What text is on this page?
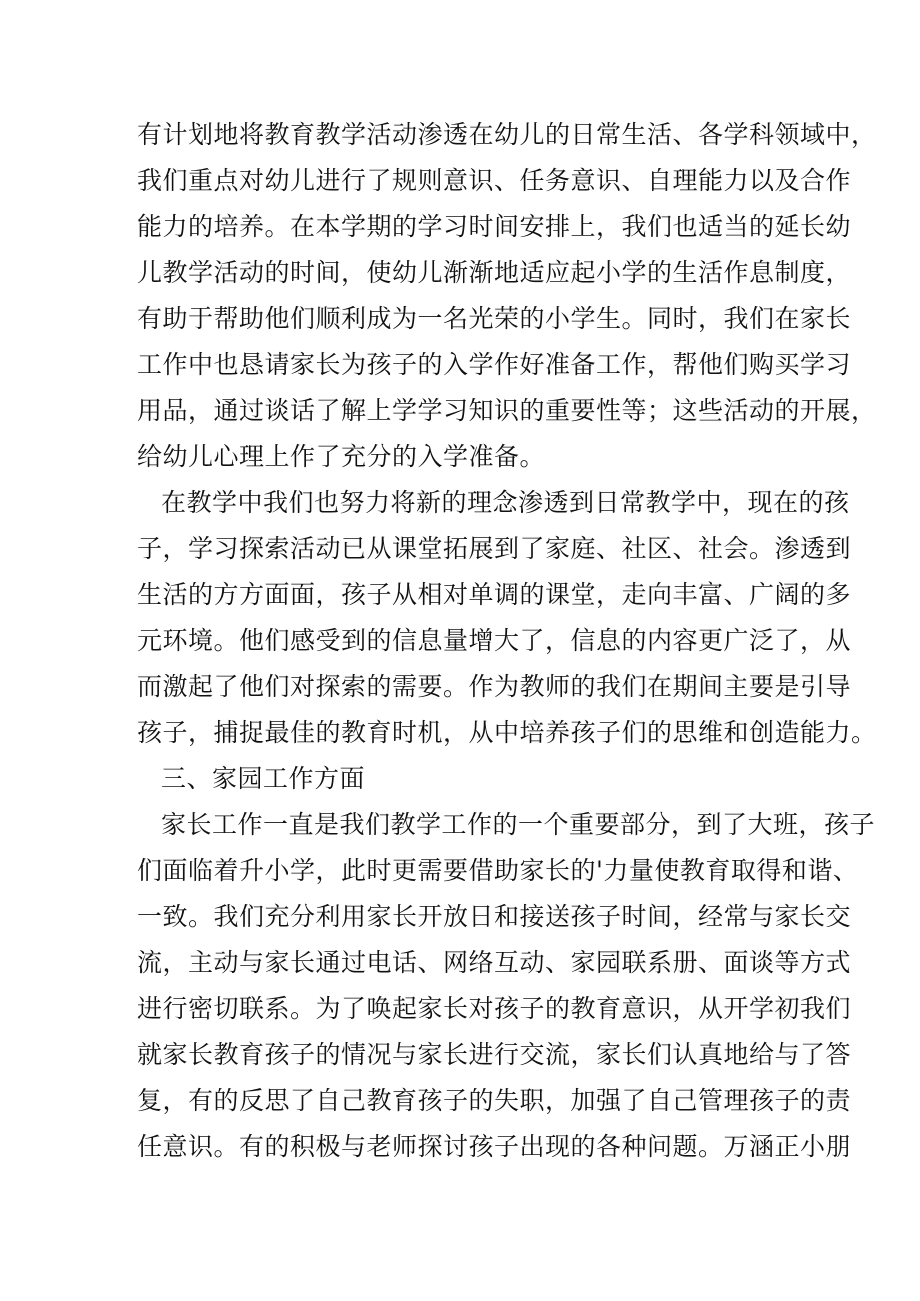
有计划地将教育教学活动渗透在幼儿的日常生活、各学科领域中，
我们重点对幼儿进行了规则意识、任务意识、自理能力以及合作
能力的培养。在本学期的学习时间安排上，我们也适当的延长幼
儿教学活动的时间，使幼儿渐渐地适应起小学的生活作息制度，
有助于帮助他们顺利成为一名光荣的小学生。同时，我们在家长
工作中也恳请家长为孩子的入学作好准备工作，帮他们购买学习
用品，通过谈话了解上学学习知识的重要性等；这些活动的开展，
给幼儿心理上作了充分的入学准备。
在教学中我们也努力将新的理念渗透到日常教学中，现在的孩
子，学习探索活动已从课堂拓展到了家庭、社区、社会。渗透到
生活的方方面面，孩子从相对单调的课堂，走向丰富、广阔的多
元环境。他们感受到的信息量增大了，信息的内容更广泛了，从
而激起了他们对探索的需要。作为教师的我们在期间主要是引导
孩子，捕捉最佳的教育时机，从中培养孩子们的思维和创造能力。
三、家园工作方面
家长工作一直是我们教学工作的一个重要部分，到了大班，孩子
们面临着升小学，此时更需要借助家长的'力量使教育取得和谐、
一致。我们充分利用家长开放日和接送孩子时间，经常与家长交
流，主动与家长通过电话、网络互动、家园联系册、面谈等方式
进行密切联系。为了唤起家长对孩子的教育意识，从开学初我们
就家长教育孩子的情况与家长进行交流，家长们认真地给与了答
复，有的反思了自己教育孩子的失职，加强了自己管理孩子的责
任意识。有的积极与老师探讨孩子出现的各种问题。万涵正小朋
